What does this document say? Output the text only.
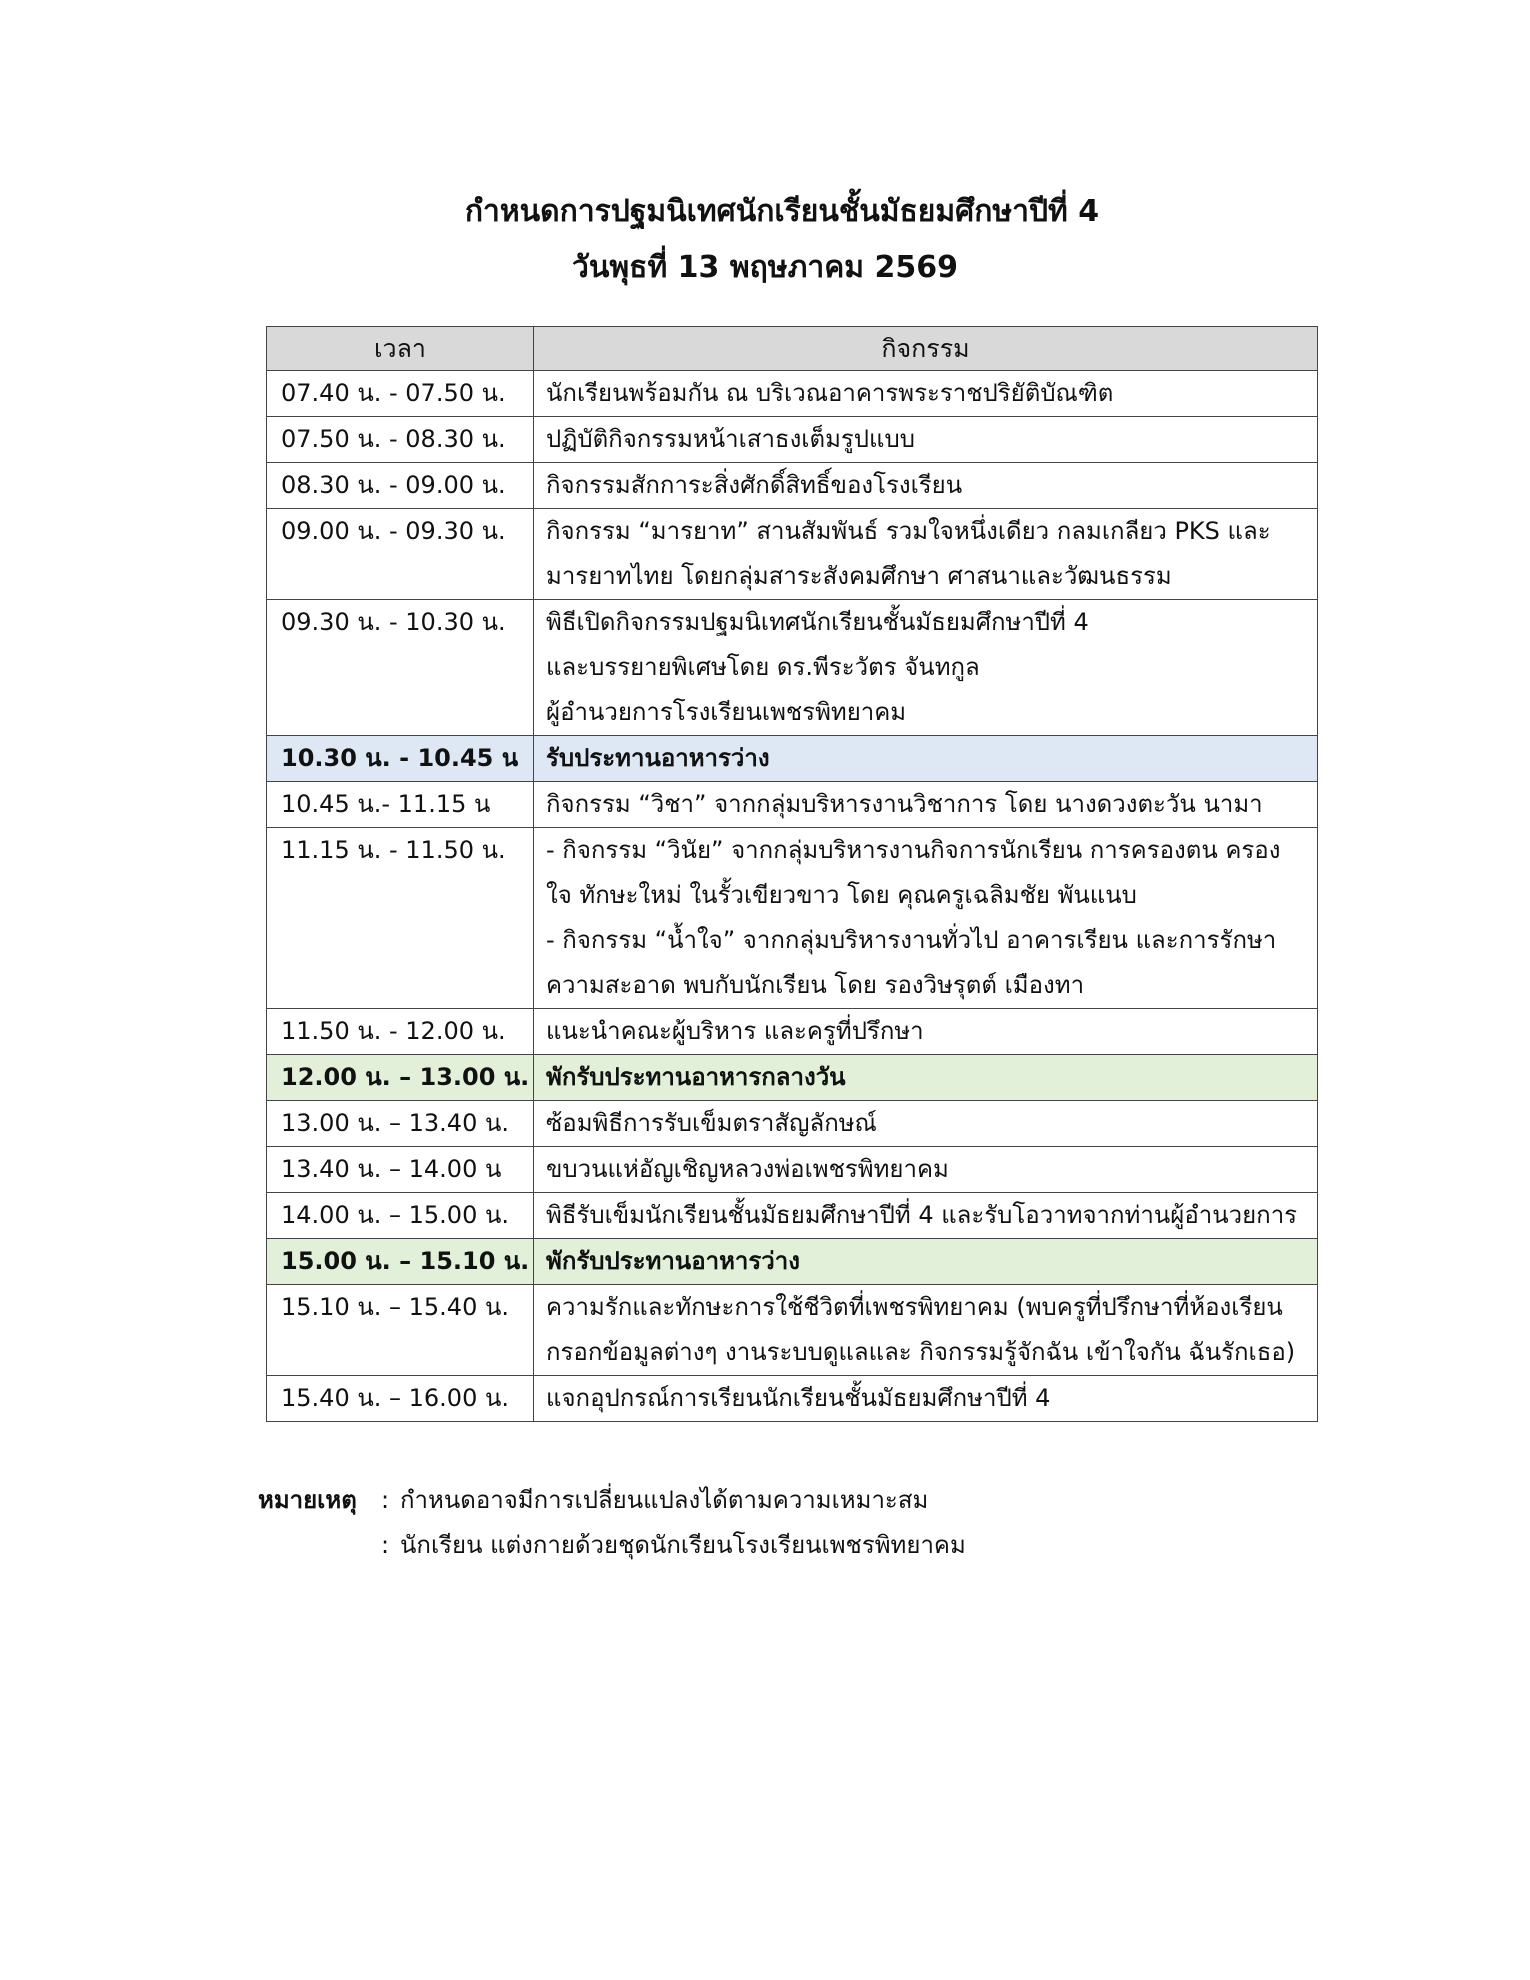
กำหนดการปฐมนิเทศนักเรียนชั้นมัธยมศึกษาปีที่ 4
วันพุธที่ 13 พฤษภาคม 2569
เวลา	กิจกรรม
07.40 น. - 07.50 น.	นักเรียนพร้อมกัน ณ บริเวณอาคารพระราชปริยัติบัณฑิต

07.50 น. - 08.30 น.	ปฏิบัติกิจกรรมหน้าเสาธงเต็มรูปแบบ

08.30 น. - 09.00 น.	กิจกรรมสักการะสิ่งศักดิ์สิทธิ์ของโรงเรียน

09.00 น. - 09.30 น.	กิจกรรม “มารยาท” สานสัมพันธ์ รวมใจหนึ่งเดียว กลมเกลียว PKS และ
มารยาทไทย โดยกลุ่มสาระสังคมศึกษา ศาสนาและวัฒนธรรม

09.30 น. - 10.30 น.	พิธีเปิดกิจกรรมปฐมนิเทศนักเรียนชั้นมัธยมศึกษาปีที่ 4
และบรรยายพิเศษโดย ดร.พีระวัตร จันทกูล
ผู้อำนวยการโรงเรียนเพชรพิทยาคม

10.30 น. - 10.45 น	รับประทานอาหารว่าง

10.45 น.- 11.15 น	กิจกรรม “วิชา” จากกลุ่มบริหารงานวิชาการ โดย นางดวงตะวัน นามา

11.15 น. - 11.50 น.	- กิจกรรม “วินัย” จากกลุ่มบริหารงานกิจการนักเรียน การครองตน ครอง
ใจ ทักษะใหม่ ในรั้วเขียวขาว โดย คุณครูเฉลิมชัย พันแนบ
- กิจกรรม “น้ำใจ” จากกลุ่มบริหารงานทั่วไป อาคารเรียน และการรักษา
ความสะอาด พบกับนักเรียน โดย รองวิษรุตต์ เมืองทา

11.50 น. - 12.00 น.	แนะนำคณะผู้บริหาร และครูที่ปรึกษา

12.00 น. – 13.00 น.	พักรับประทานอาหารกลางวัน

13.00 น. – 13.40 น.	ซ้อมพิธีการรับเข็มตราสัญลักษณ์

13.40 น. – 14.00 น	ขบวนแห่อัญเชิญหลวงพ่อเพชรพิทยาคม

14.00 น. – 15.00 น.	พิธีรับเข็มนักเรียนชั้นมัธยมศึกษาปีที่ 4 และรับโอวาทจากท่านผู้อำนวยการ

15.00 น. – 15.10 น.	พักรับประทานอาหารว่าง

15.10 น. – 15.40 น.	ความรักและทักษะการใช้ชีวิตที่เพชรพิทยาคม (พบครูที่ปรึกษาที่ห้องเรียน
กรอกข้อมูลต่างๆ งานระบบดูแลและ กิจกรรมรู้จักฉัน เข้าใจกัน ฉันรักเธอ)

15.40 น. – 16.00 น.	แจกอุปกรณ์การเรียนนักเรียนชั้นมัธยมศึกษาปีที่ 4
หมายเหตุ	: กำหนดอาจมีการเปลี่ยนแปลงได้ตามความเหมาะสม
: นักเรียน แต่งกายด้วยชุดนักเรียนโรงเรียนเพชรพิทยาคม
